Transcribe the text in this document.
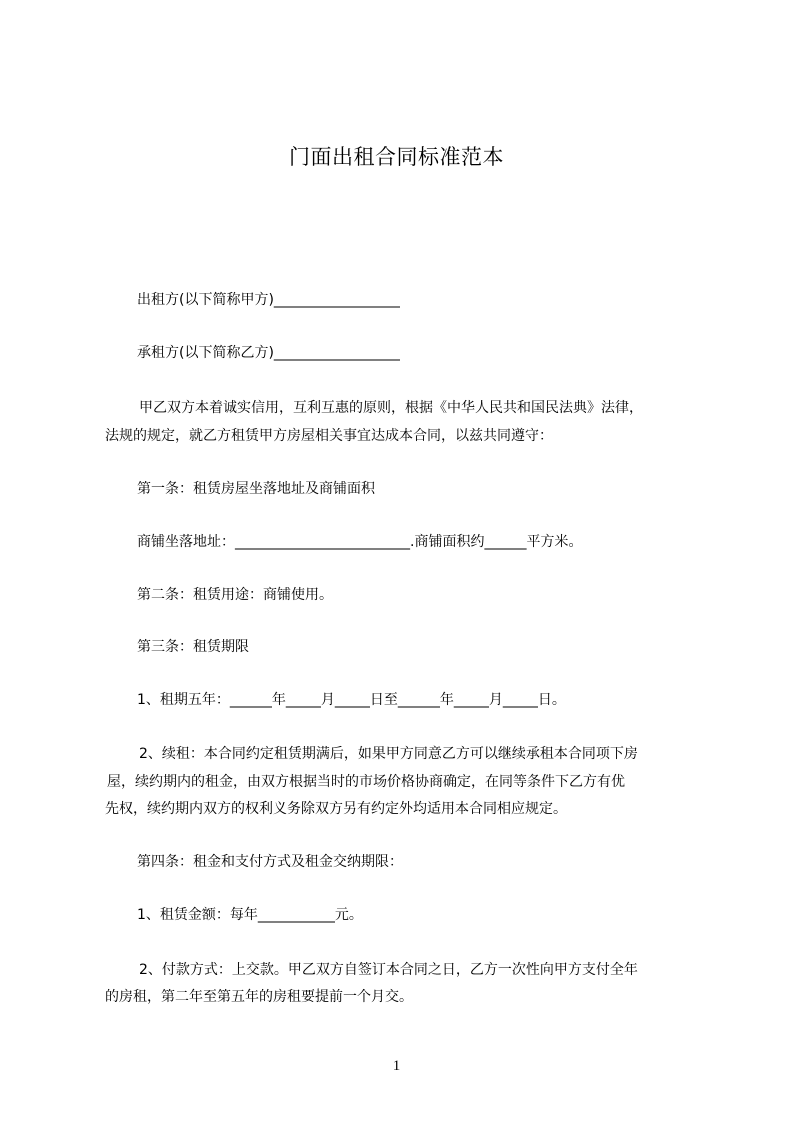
门面出租合同标准范本
出租方(以下简称甲方)__________________
承租方(以下简称乙方)__________________
甲乙双方本着诚实信用，互利互惠的原则，根据《中华人民共和国民法典》法律，
法规的规定，就乙方租赁甲方房屋相关事宜达成本合同，以兹共同遵守：
第一条：租赁房屋坐落地址及商铺面积
商铺坐落地址：_________________________.商铺面积约______平方米。
第二条：租赁用途：商铺使用。
第三条：租赁期限
1、租期五年：______年_____月_____日至______年_____月_____日。
2、续租：本合同约定租赁期满后，如果甲方同意乙方可以继续承租本合同项下房
屋，续约期内的租金，由双方根据当时的市场价格协商确定，在同等条件下乙方有优
先权，续约期内双方的权利义务除双方另有约定外均适用本合同相应规定。
第四条：租金和支付方式及租金交纳期限：
1、租赁金额：每年___________元。
2、付款方式：上交款。甲乙双方自签订本合同之日，乙方一次性向甲方支付全年
的房租，第二年至第五年的房租要提前一个月交。
1
